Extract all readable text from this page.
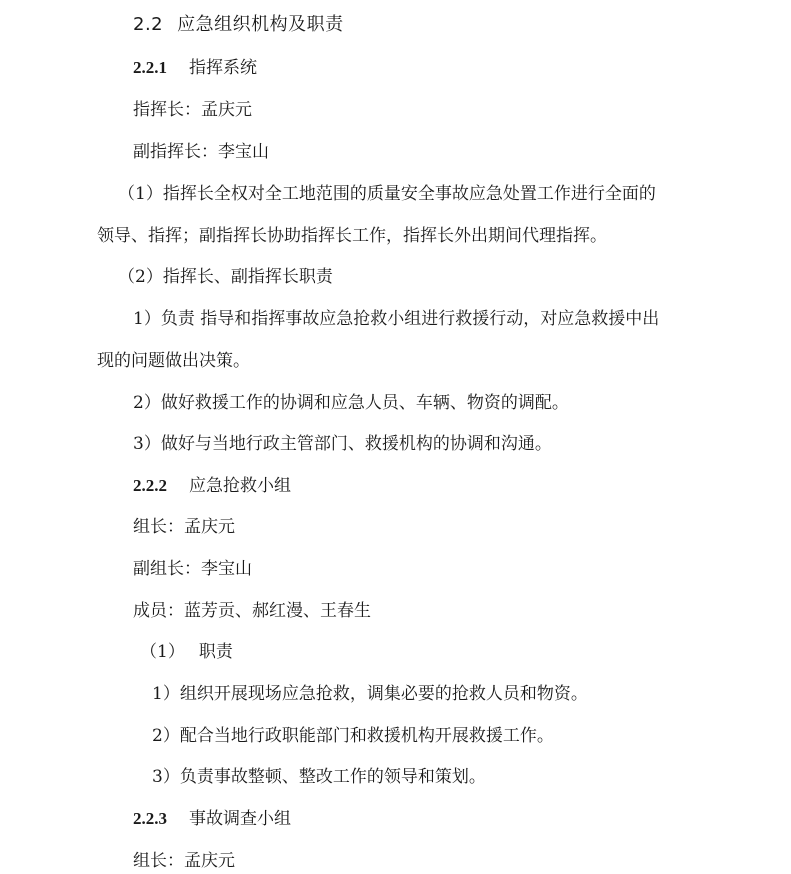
2.2 应急组织机构及职责
2.2.1 指挥系统
指挥长：孟庆元
副指挥长：李宝山
（1）指挥长全权对全工地范围的质量安全事故应急处置工作进行全面的
领导、指挥；副指挥长协助指挥长工作，指挥长外出期间代理指挥。
（2）指挥长、副指挥长职责
1）负责 指导和指挥事故应急抢救小组进行救援行动，对应急救援中出
现的问题做出决策。
2）做好救援工作的协调和应急人员、车辆、物资的调配。
3）做好与当地行政主管部门、救援机构的协调和沟通。
2.2.2 应急抢救小组
组长：孟庆元
副组长：李宝山
成员：蓝芳贡、郝红漫、王春生
（1） 职责
1）组织开展现场应急抢救，调集必要的抢救人员和物资。
2）配合当地行政职能部门和救援机构开展救援工作。
3）负责事故整顿、整改工作的领导和策划。
2.2.3 事故调查小组
组长：孟庆元
